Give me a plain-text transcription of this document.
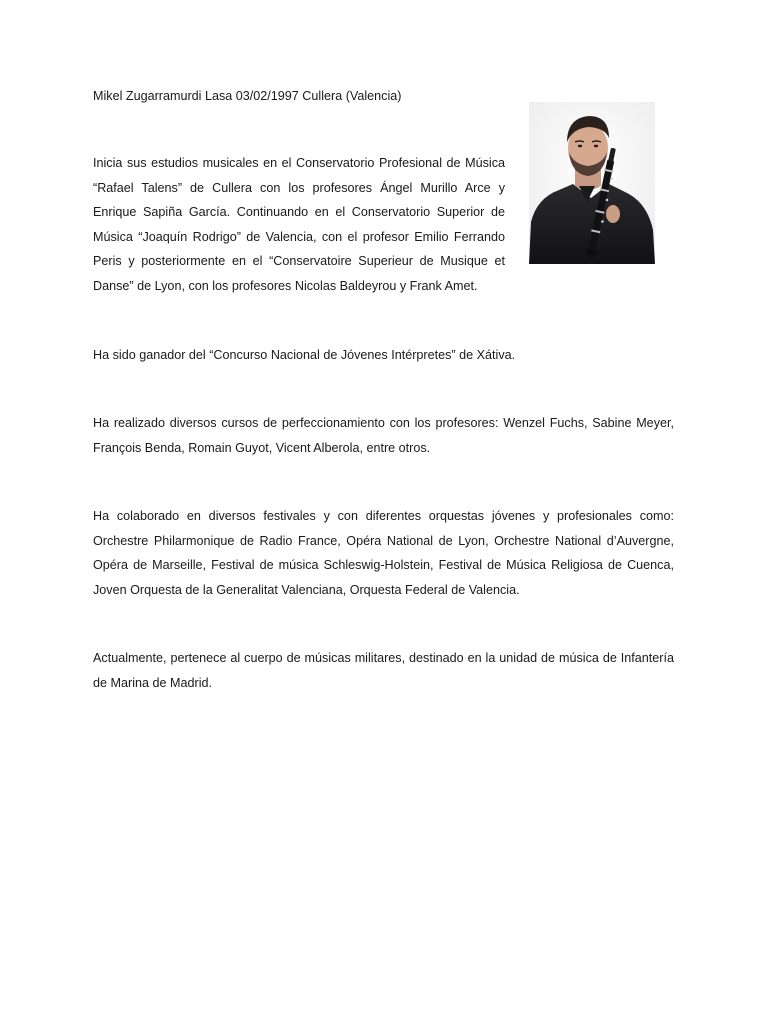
Mikel Zugarramurdi Lasa 03/02/1997 Cullera (Valencia)

Inicia sus estudios musicales en el Conservatorio Profesional de Música “Rafael Talens” de Cullera con los profesores Ángel Murillo Arce y Enrique Sapiña García. Continuando en el Conservatorio Superior de Música “Joaquín Rodrigo” de Valencia, con el profesor Emilio Ferrando Peris y posteriormente en el “Conservatoire Superieur de Musique et Danse” de Lyon, con los profesores Nicolas Baldeyrou y Frank Amet.

Ha sido ganador del “Concurso Nacional de Jóvenes Intérpretes” de Xátiva.

Ha realizado diversos cursos de perfeccionamiento con los profesores: Wenzel Fuchs, Sabine Meyer, François Benda, Romain Guyot, Vicent Alberola, entre otros.

Ha colaborado en diversos festivales y con diferentes orquestas jóvenes y profesionales como: Orchestre Philarmonique de Radio France, Opéra National de Lyon, Orchestre National d’Auvergne, Opéra de Marseille, Festival de música Schleswig-Holstein, Festival de Música Religiosa de Cuenca, Joven Orquesta de la Generalitat Valenciana, Orquesta Federal de Valencia.

Actualmente, pertenece al cuerpo de músicas militares, destinado en la unidad de música de Infantería de Marina de Madrid.
